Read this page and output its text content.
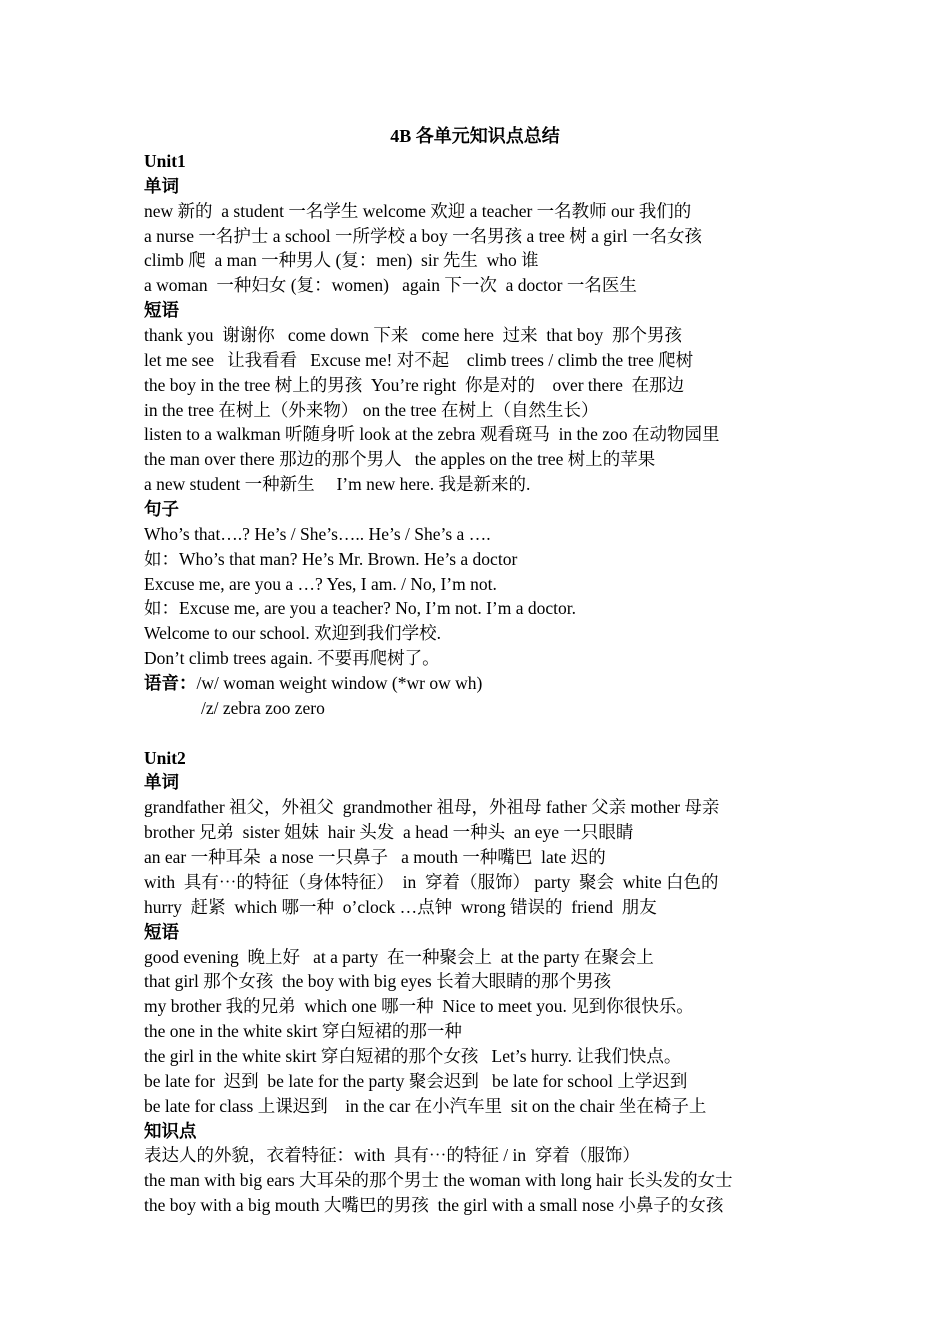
4B 各单元知识点总结
Unit1
单词
new 新的  a student 一名学生 welcome 欢迎 a teacher 一名教师 our 我们的
a nurse 一名护士 a school 一所学校 a boy 一名男孩 a tree 树 a girl 一名女孩
climb 爬  a man 一种男人 (复：men)  sir 先生  who 谁
a woman  一种妇女 (复：women)   again 下一次  a doctor 一名医生
短语
thank you  谢谢你   come down 下来   come here  过来  that boy  那个男孩
let me see   让我看看   Excuse me! 对不起    climb trees / climb the tree 爬树
the boy in the tree 树上的男孩  You’re right  你是对的    over there  在那边
in the tree 在树上（外来物） on the tree 在树上（自然生长）
listen to a walkman 听随身听 look at the zebra 观看斑马  in the zoo 在动物园里
the man over there 那边的那个男人   the apples on the tree 树上的苹果
a new student 一种新生     I’m new here. 我是新来的.
句子
Who’s that….? He’s / She’s….. He’s / She’s a ….
如：Who’s that man? He’s Mr. Brown. He’s a doctor
Excuse me, are you a …? Yes, I am. / No, I’m not.
如：Excuse me, are you a teacher? No, I’m not. I’m a doctor.
Welcome to our school. 欢迎到我们学校.
Don’t climb trees again. 不要再爬树了。
语音：/w/ woman weight window (*wr ow wh)
/z/ zebra zoo zero
Unit2
单词
grandfather 祖父，外祖父  grandmother 祖母，外祖母 father 父亲 mother 母亲
brother 兄弟  sister 姐妹  hair 头发  a head 一种头  an eye 一只眼睛
an ear 一种耳朵  a nose 一只鼻子   a mouth 一种嘴巴  late 迟的
with  具有⋯的特征（身体特征）  in  穿着（服饰） party  聚会  white 白色的
hurry  赶紧  which 哪一种  o’clock …点钟  wrong 错误的  friend  朋友
短语
good evening  晚上好   at a party  在一种聚会上  at the party 在聚会上
that girl 那个女孩  the boy with big eyes 长着大眼睛的那个男孩
my brother 我的兄弟  which one 哪一种  Nice to meet you. 见到你很快乐。
the one in the white skirt 穿白短裙的那一种
the girl in the white skirt 穿白短裙的那个女孩   Let’s hurry. 让我们快点。
be late for  迟到  be late for the party 聚会迟到   be late for school 上学迟到
be late for class 上课迟到    in the car 在小汽车里  sit on the chair 坐在椅子上
知识点
表达人的外貌，衣着特征：with  具有⋯的特征 / in  穿着（服饰）
the man with big ears 大耳朵的那个男士 the woman with long hair 长头发的女士
the boy with a big mouth 大嘴巴的男孩  the girl with a small nose 小鼻子的女孩
